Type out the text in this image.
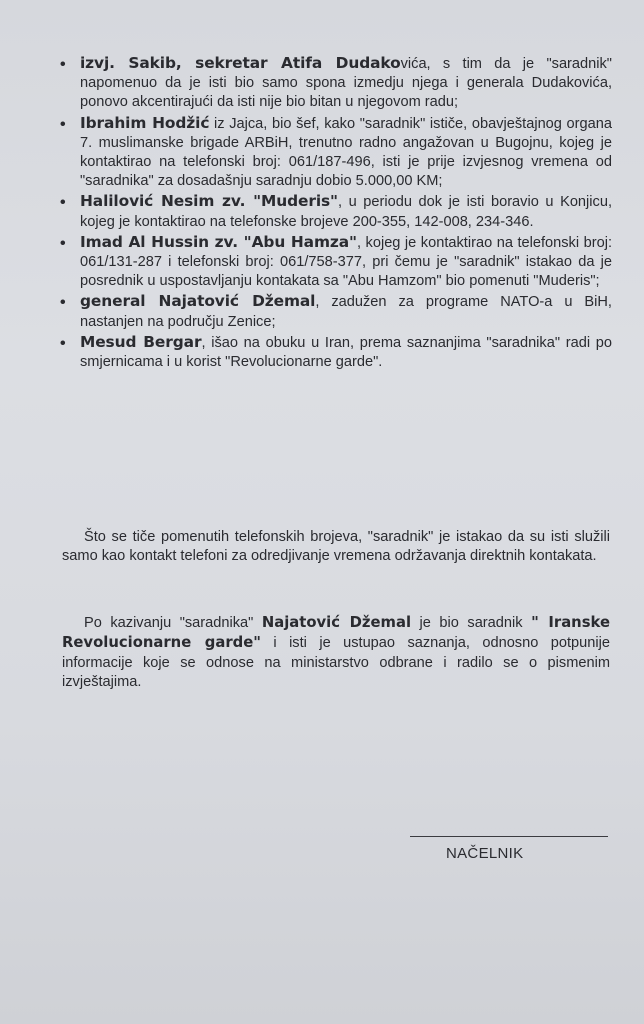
• izvj. Sakib, sekretar Atifa Dudakovića, s tim da je "saradnik" napomenuo da je isti bio samo spona izmedju njega i generala Dudakovića, ponovo akcentirajući da isti nije bio bitan u njegovom radu;
• Ibrahim Hodžić iz Jajca, bio šef, kako "saradnik" ističe, obavještajnog organa 7. muslimanske brigade ARBiH, trenutno radno angažovan u Bugojnu, kojeg je kontaktirao na telefonski broj: 061/187-496, isti je prije izvjesnog vremena od "saradnika" za dosadašnju saradnju dobio 5.000,00 KM;
• Halilović Nesim zv. "Muderis", u periodu dok je isti boravio u Konjicu, kojeg je kontaktirao na telefonske brojeve 200-355, 142-008, 234-346.
• Imad Al Hussin zv. "Abu Hamza", kojeg je kontaktirao na telefonski broj: 061/131-287 i telefonski broj: 061/758-377, pri čemu je "saradnik" istakao da je posrednik u uspostavljanju kontakata sa "Abu Hamzom" bio pomenuti "Muderis";
• general Najatović Džemal, zadužen za programe NATO-a u BiH, nastanjen na području Zenice;
• Mesud Bergar, išao na obuku u Iran, prema saznanjima "saradnika" radi po smjernicama i u korist "Revolucionarne garde".

Što se tiče pomenutih telefonskih brojeva, "saradnik" je istakao da su isti služili samo kao kontakt telefoni za odredjivanje vremena održavanja direktnih kontakata.

Po kazivanju "saradnika" Najatović Džemal je bio saradnik " Iranske Revolucionarne garde" i isti je ustupao saznanja, odnosno potpunije informacije koje se odnose na ministarstvo odbrane i radilo se o pismenim izvještajima.

NAČELNIK
